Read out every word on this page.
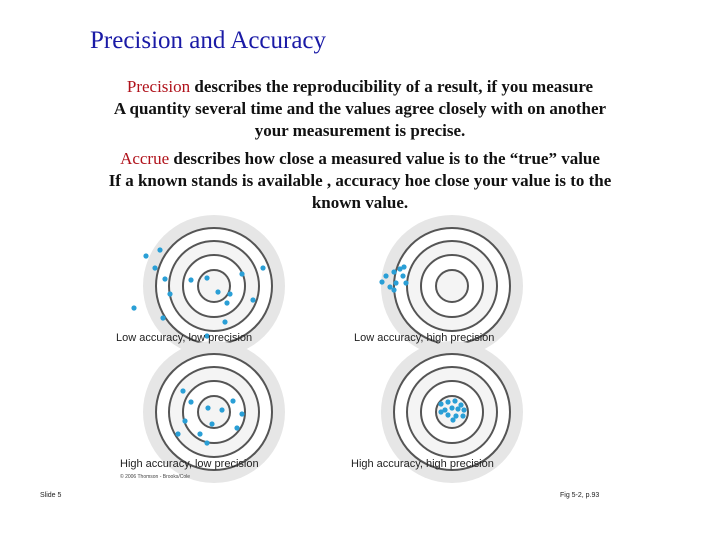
Precision and Accuracy
Precision describes the reproducibility of a result, if you measure
A quantity several time and the values agree closely with on another
your measurement is precise.
Accrue describes how close a measured value is to the “true” value
If a known stands is available , accuracy hoe close your value is to the
known value.
Low accuracy, low precision	Low accuracy, high precision
High accuracy, low precision	High accuracy, high precision
© 2006 Thomson - Brooks/Cole
Slide 5	Fig 5-2, p.93
